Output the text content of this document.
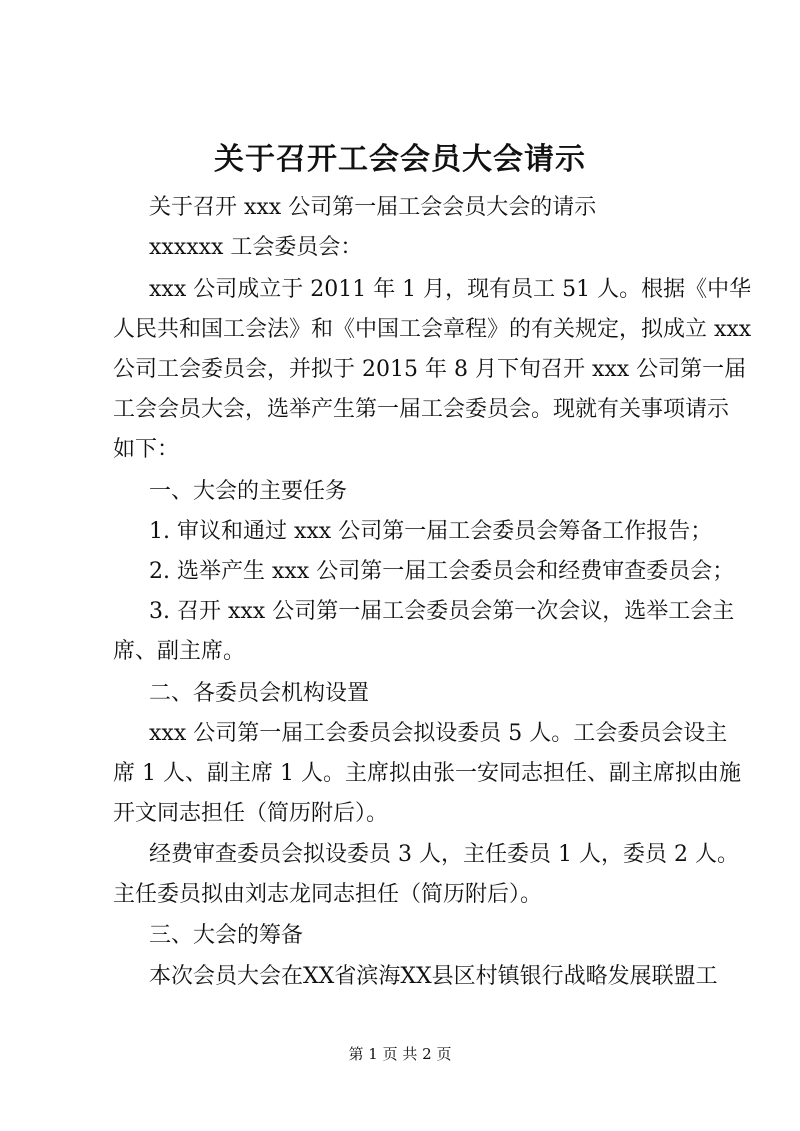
关于召开工会会员大会请示
关于召开 xxx 公司第一届工会会员大会的请示
xxxxxx 工会委员会：
xxx 公司成立于 2011 年 1 月，现有员工 51 人。根据《中华
人民共和国工会法》和《中国工会章程》的有关规定，拟成立 xxx
公司工会委员会，并拟于 2015 年 8 月下旬召开 xxx 公司第一届
工会会员大会，选举产生第一届工会委员会。现就有关事项请示
如下：
一、大会的主要任务
1. 审议和通过 xxx 公司第一届工会委员会筹备工作报告；
2. 选举产生 xxx 公司第一届工会委员会和经费审查委员会；
3. 召开 xxx 公司第一届工会委员会第一次会议，选举工会主
席、副主席。
二、各委员会机构设置
xxx 公司第一届工会委员会拟设委员 5 人。工会委员会设主
席 1 人、副主席 1 人。主席拟由张一安同志担任、副主席拟由施
开文同志担任（简历附后）。
经费审查委员会拟设委员 3 人，主任委员 1 人，委员 2 人。
主任委员拟由刘志龙同志担任（简历附后）。
三、大会的筹备
本次会员大会在XX省滨海XX县区村镇银行战略发展联盟工
第 1 页 共 2 页
